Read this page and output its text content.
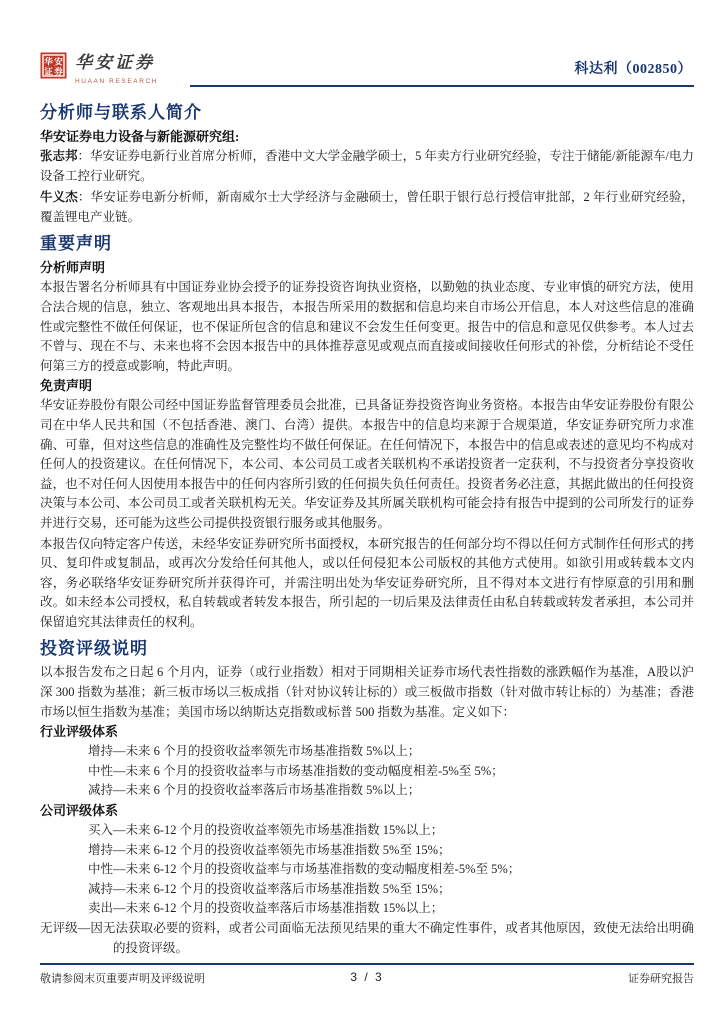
华 安
证 券 华安证券
HUAAN RESEARCH
科达利（002850）
分析师与联系人简介
华安证券电力设备与新能源研究组:

张志邦：华安证券电新行业首席分析师，香港中文大学金融学硕士，5 年卖方行业研究经验，专注于储能/新能源车/电力设备工控行业研究。

牛义杰：华安证券电新分析师，新南威尔士大学经济与金融硕士，曾任职于银行总行授信审批部，2 年行业研究经验，覆盖锂电产业链。

重要声明
分析师声明

本报告署名分析师具有中国证券业协会授予的证券投资咨询执业资格，以勤勉的执业态度、专业审慎的研究方法，使用合法合规的信息，独立、客观地出具本报告，本报告所采用的数据和信息均来自市场公开信息，本人对这些信息的准确性或完整性不做任何保证，也不保证所包含的信息和建议不会发生任何变更。报告中的信息和意见仅供参考。本人过去不曾与、现在不与、未来也将不会因本报告中的具体推荐意见或观点而直接或间接收任何形式的补偿，分析结论不受任何第三方的授意或影响，特此声明。

免责声明

华安证券股份有限公司经中国证券监督管理委员会批准，已具备证券投资咨询业务资格。本报告由华安证券股份有限公司在中华人民共和国（不包括香港、澳门、台湾）提供。本报告中的信息均来源于合规渠道，华安证券研究所力求准确、可靠，但对这些信息的准确性及完整性均不做任何保证。在任何情况下，本报告中的信息或表述的意见均不构成对任何人的投资建议。在任何情况下，本公司、本公司员工或者关联机构不承诺投资者一定获利，不与投资者分享投资收益，也不对任何人因使用本报告中的任何内容所引致的任何损失负任何责任。投资者务必注意，其据此做出的任何投资决策与本公司、本公司员工或者关联机构无关。华安证券及其所属关联机构可能会持有报告中提到的公司所发行的证券并进行交易，还可能为这些公司提供投资银行服务或其他服务。

本报告仅向特定客户传送，未经华安证券研究所书面授权，本研究报告的任何部分均不得以任何方式制作任何形式的拷贝、复印件或复制品，或再次分发给任何其他人，或以任何侵犯本公司版权的其他方式使用。如欲引用或转载本文内容，务必联络华安证券研究所并获得许可，并需注明出处为华安证券研究所，且不得对本文进行有悖原意的引用和删改。如未经本公司授权，私自转载或者转发本报告，所引起的一切后果及法律责任由私自转载或转发者承担，本公司并保留追究其法律责任的权利。

投资评级说明

以本报告发布之日起 6 个月内，证券（或行业指数）相对于同期相关证券市场代表性指数的涨跌幅作为基准，A股以沪深 300 指数为基准；新三板市场以三板成指（针对协议转让标的）或三板做市指数（针对做市转让标的）为基准；香港市场以恒生指数为基准；美国市场以纳斯达克指数或标普 500 指数为基准。定义如下：

行业评级体系

增持—未来 6 个月的投资收益率领先市场基准指数 5%以上；

中性—未来 6 个月的投资收益率与市场基准指数的变动幅度相差-5%至 5%；

减持—未来 6 个月的投资收益率落后市场基准指数 5%以上；

公司评级体系

买入—未来 6-12 个月的投资收益率领先市场基准指数 15%以上；

增持—未来 6-12 个月的投资收益率领先市场基准指数 5%至 15%；

中性—未来 6-12 个月的投资收益率与市场基准指数的变动幅度相差-5%至 5%；

减持—未来 6-12 个月的投资收益率落后市场基准指数 5%至 15%；

卖出—未来 6-12 个月的投资收益率落后市场基准指数 15%以上；

无评级—因无法获取必要的资料，或者公司面临无法预见结果的重大不确定性事件，或者其他原因，致使无法给出明确的投资评级。

敬请参阅末页重要声明及评级说明	3 / 3	证券研究报告
